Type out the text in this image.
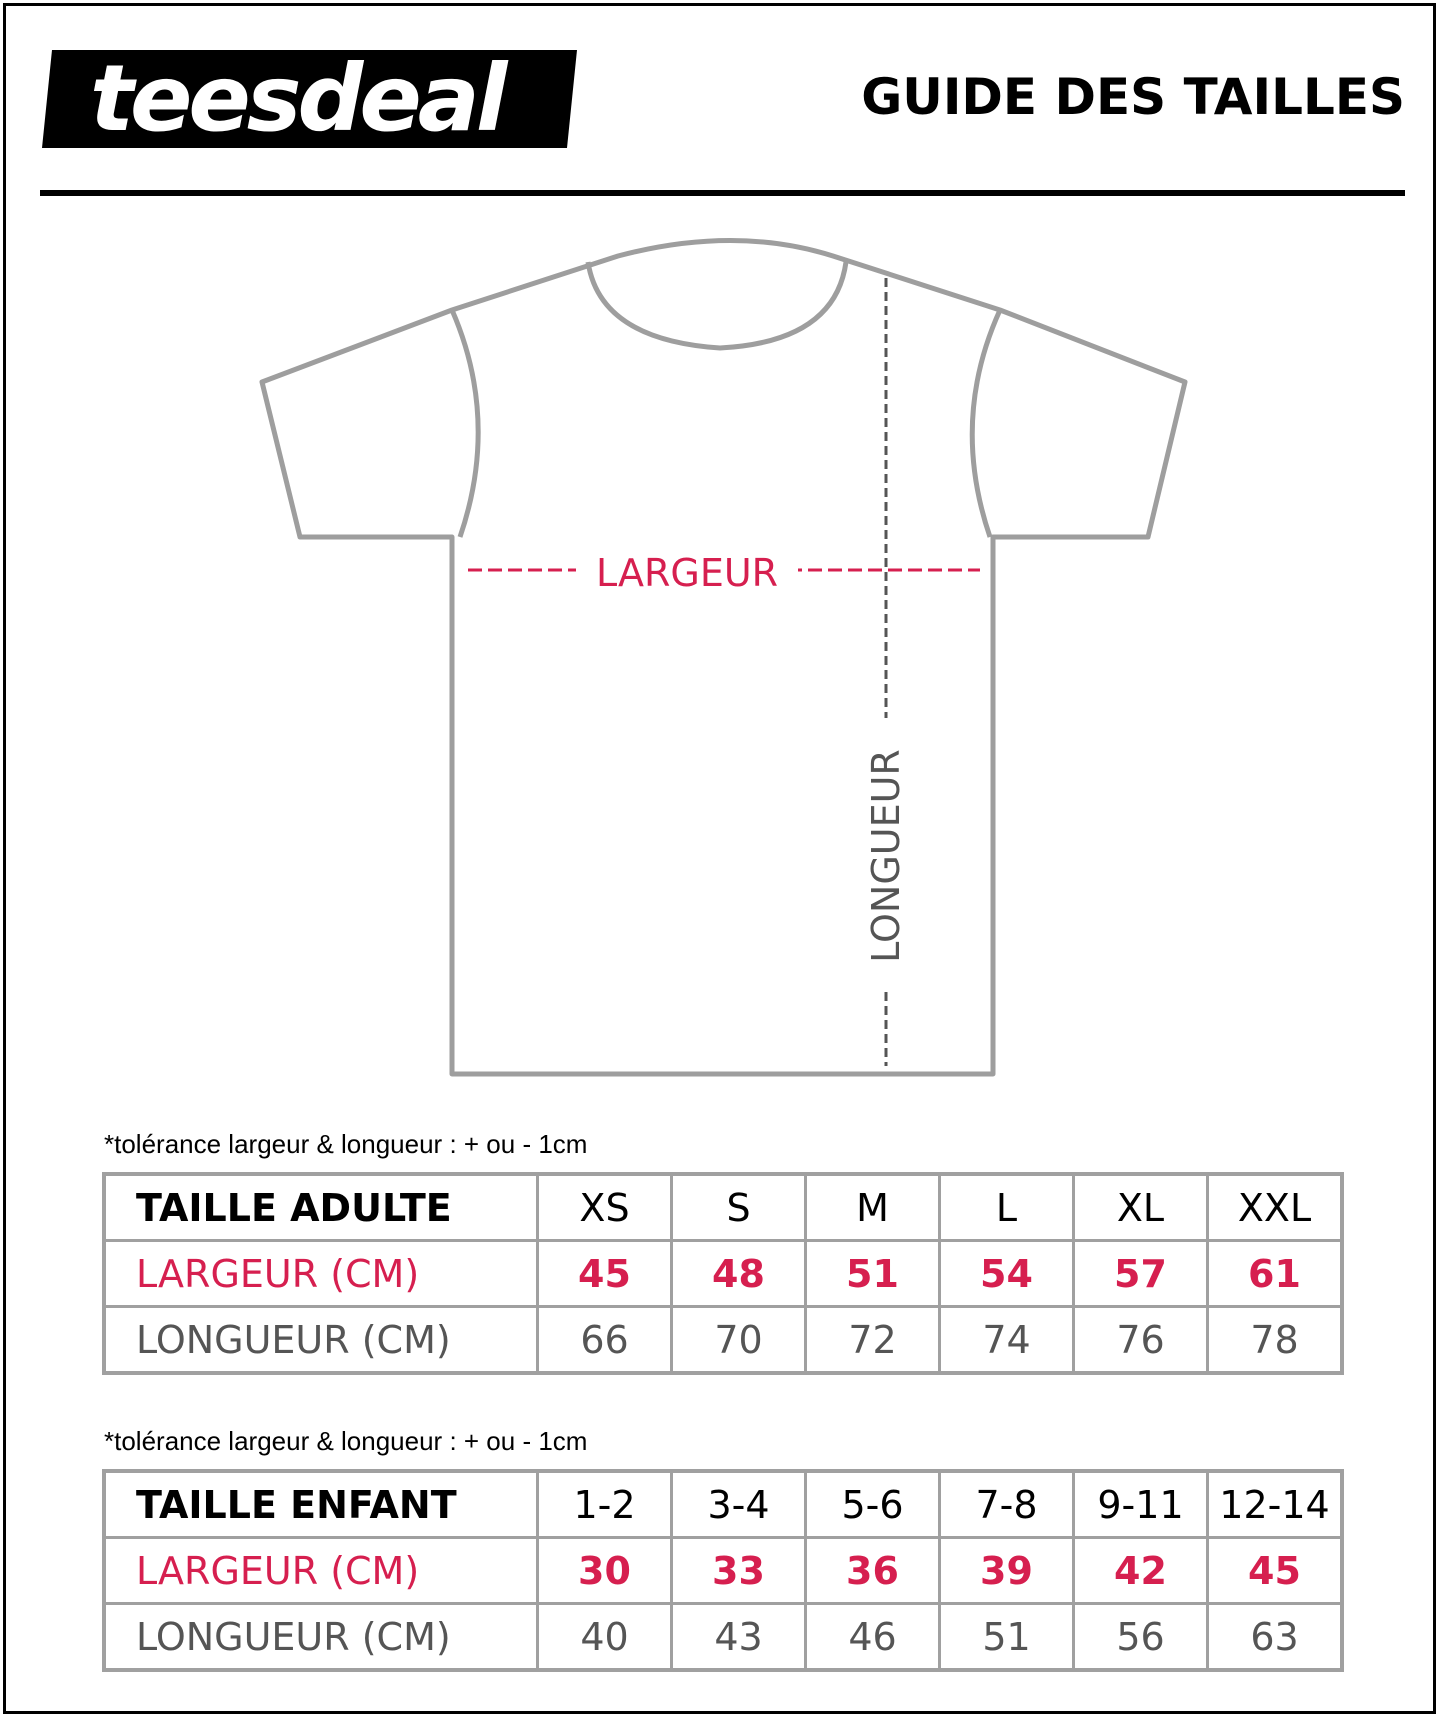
teesdeal	GUIDE DES TAILLES
LARGEUR
LONGUEUR
*tolérance largeur & longueur : + ou - 1cm
TAILLE ADULTE	XS	S	M	L	XL	XXL
LARGEUR (CM)	45	48	51	54	57	61
LONGUEUR (CM)	66	70	72	74	76	78
*tolérance largeur & longueur : + ou - 1cm
TAILLE ENFANT	1-2	3-4	5-6	7-8	9-11	12-14
LARGEUR (CM)	30	33	36	39	42	45
LONGUEUR (CM)	40	43	46	51	56	63
